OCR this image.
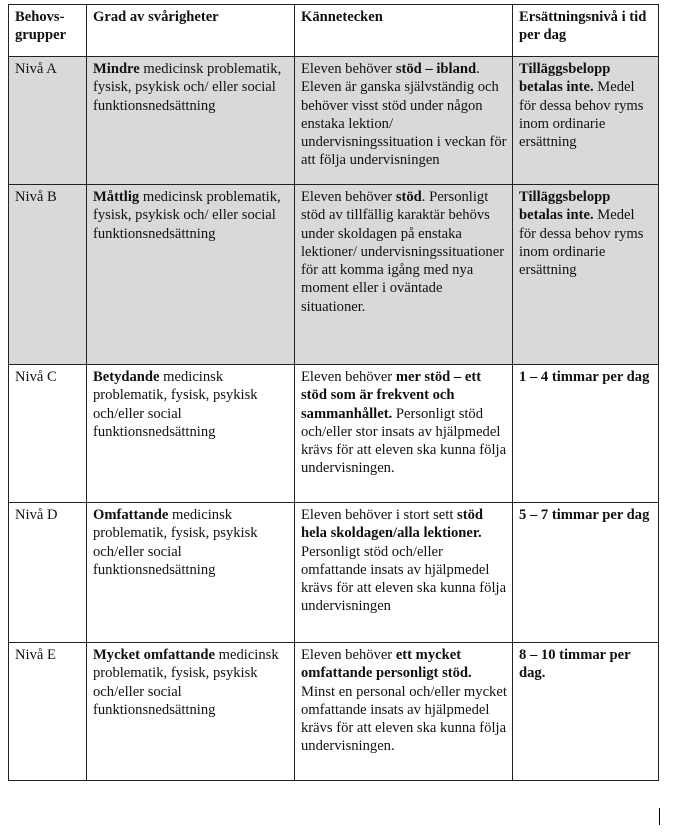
Behovs-grupper	Grad av svårigheter	Kännetecken	Ersättningsnivå i tid per dag
Nivå A	Mindre medicinsk problematik, fysisk, psykisk och/ eller social funktionsnedsättning	Eleven behöver stöd – ibland. Eleven är ganska självständig och behöver visst stöd under någon enstaka lektion/ undervisningssituation i veckan för att följa undervisningen	Tilläggsbelopp betalas inte. Medel för dessa behov ryms inom ordinarie ersättning
Nivå B	Måttlig medicinsk problematik, fysisk, psykisk och/ eller social funktionsnedsättning	Eleven behöver stöd. Personligt stöd av tillfällig karaktär behövs under skoldagen på enstaka lektioner/ undervisningssituationer för att komma igång med nya moment eller i oväntade situationer.	Tilläggsbelopp betalas inte. Medel för dessa behov ryms inom ordinarie ersättning
Nivå C	Betydande medicinsk problematik, fysisk, psykisk och/eller social funktionsnedsättning	Eleven behöver mer stöd – ett stöd som är frekvent och sammanhållet. Personligt stöd och/eller stor insats av hjälpmedel krävs för att eleven ska kunna följa undervisningen.	1 – 4 timmar per dag
Nivå D	Omfattande medicinsk problematik, fysisk, psykisk och/eller social funktionsnedsättning	Eleven behöver i stort sett stöd hela skoldagen/alla lektioner. Personligt stöd och/eller omfattande insats av hjälpmedel krävs för att eleven ska kunna följa undervisningen	5 – 7 timmar per dag
Nivå E	Mycket omfattande medicinsk problematik, fysisk, psykisk och/eller social funktionsnedsättning	Eleven behöver ett mycket omfattande personligt stöd. Minst en personal och/eller mycket omfattande insats av hjälpmedel krävs för att eleven ska kunna följa undervisningen.	8 – 10 timmar per dag.
